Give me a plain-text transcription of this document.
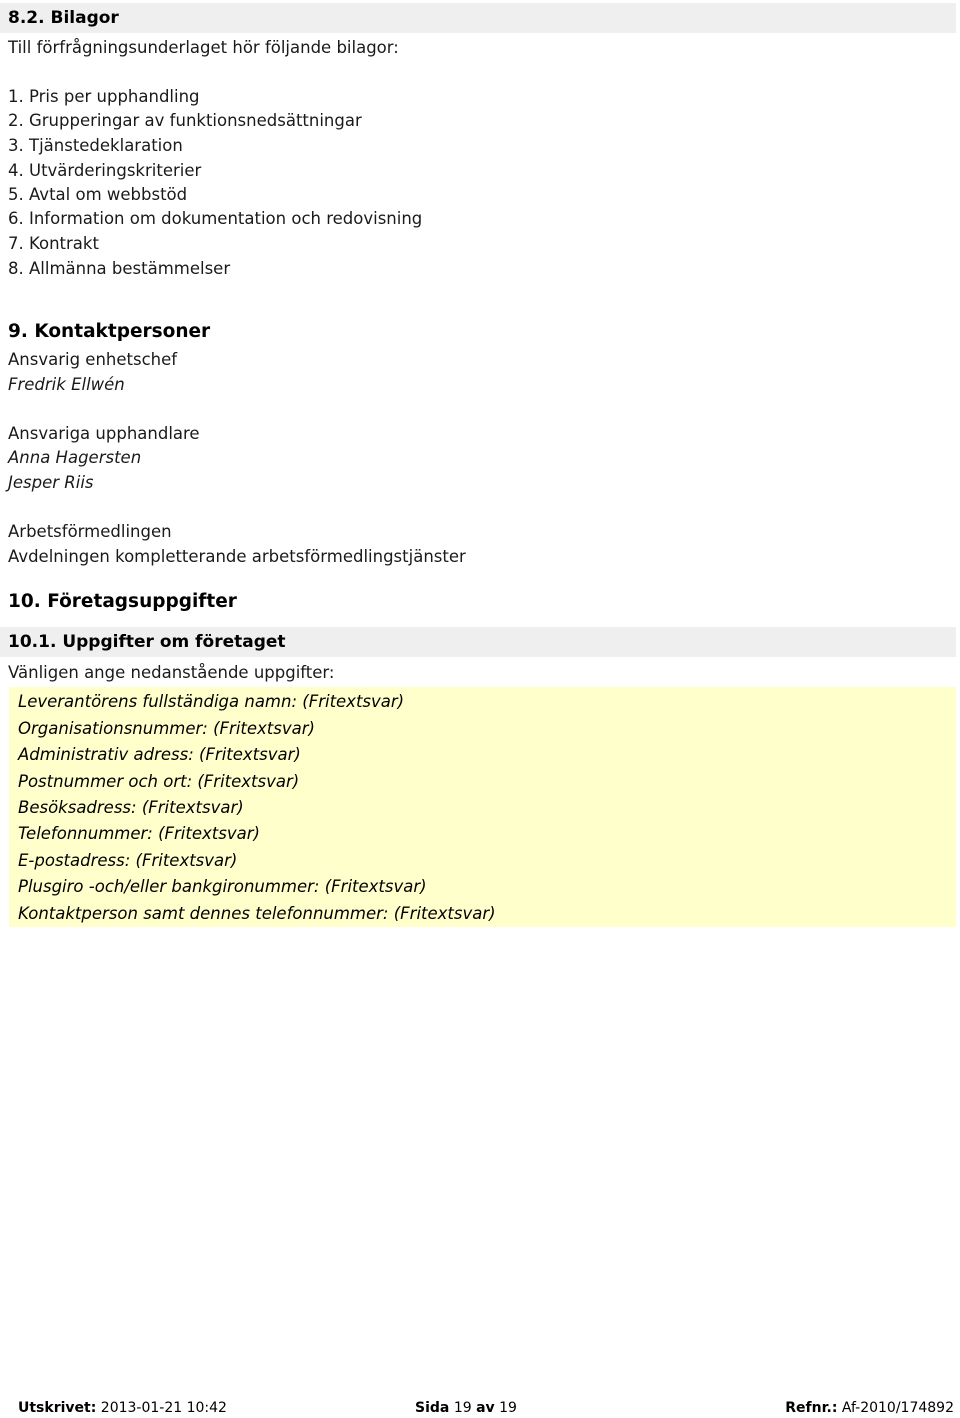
8.2. Bilagor
Till förfrågningsunderlaget hör följande bilagor:
1. Pris per upphandling
2. Grupperingar av funktionsnedsättningar
3. Tjänstedeklaration
4. Utvärderingskriterier
5. Avtal om webbstöd
6. Information om dokumentation och redovisning
7. Kontrakt
8. Allmänna bestämmelser
9. Kontaktpersoner
Ansvarig enhetschef
Fredrik Ellwén
Ansvariga upphandlare
Anna Hagersten
Jesper Riis
Arbetsförmedlingen
Avdelningen kompletterande arbetsförmedlingstjänster
10. Företagsuppgifter
10.1. Uppgifter om företaget
Vänligen ange nedanstående uppgifter:
Leverantörens fullständiga namn: (Fritextsvar)
Organisationsnummer: (Fritextsvar)
Administrativ adress: (Fritextsvar)
Postnummer och ort: (Fritextsvar)
Besöksadress: (Fritextsvar)
Telefonnummer: (Fritextsvar)
E-postadress: (Fritextsvar)
Plusgiro -och/eller bankgironummer: (Fritextsvar)
Kontaktperson samt dennes telefonnummer: (Fritextsvar)
Utskrivet: 2013-01-21 10:42	Sida 19 av 19	Refnr.: Af-2010/174892
